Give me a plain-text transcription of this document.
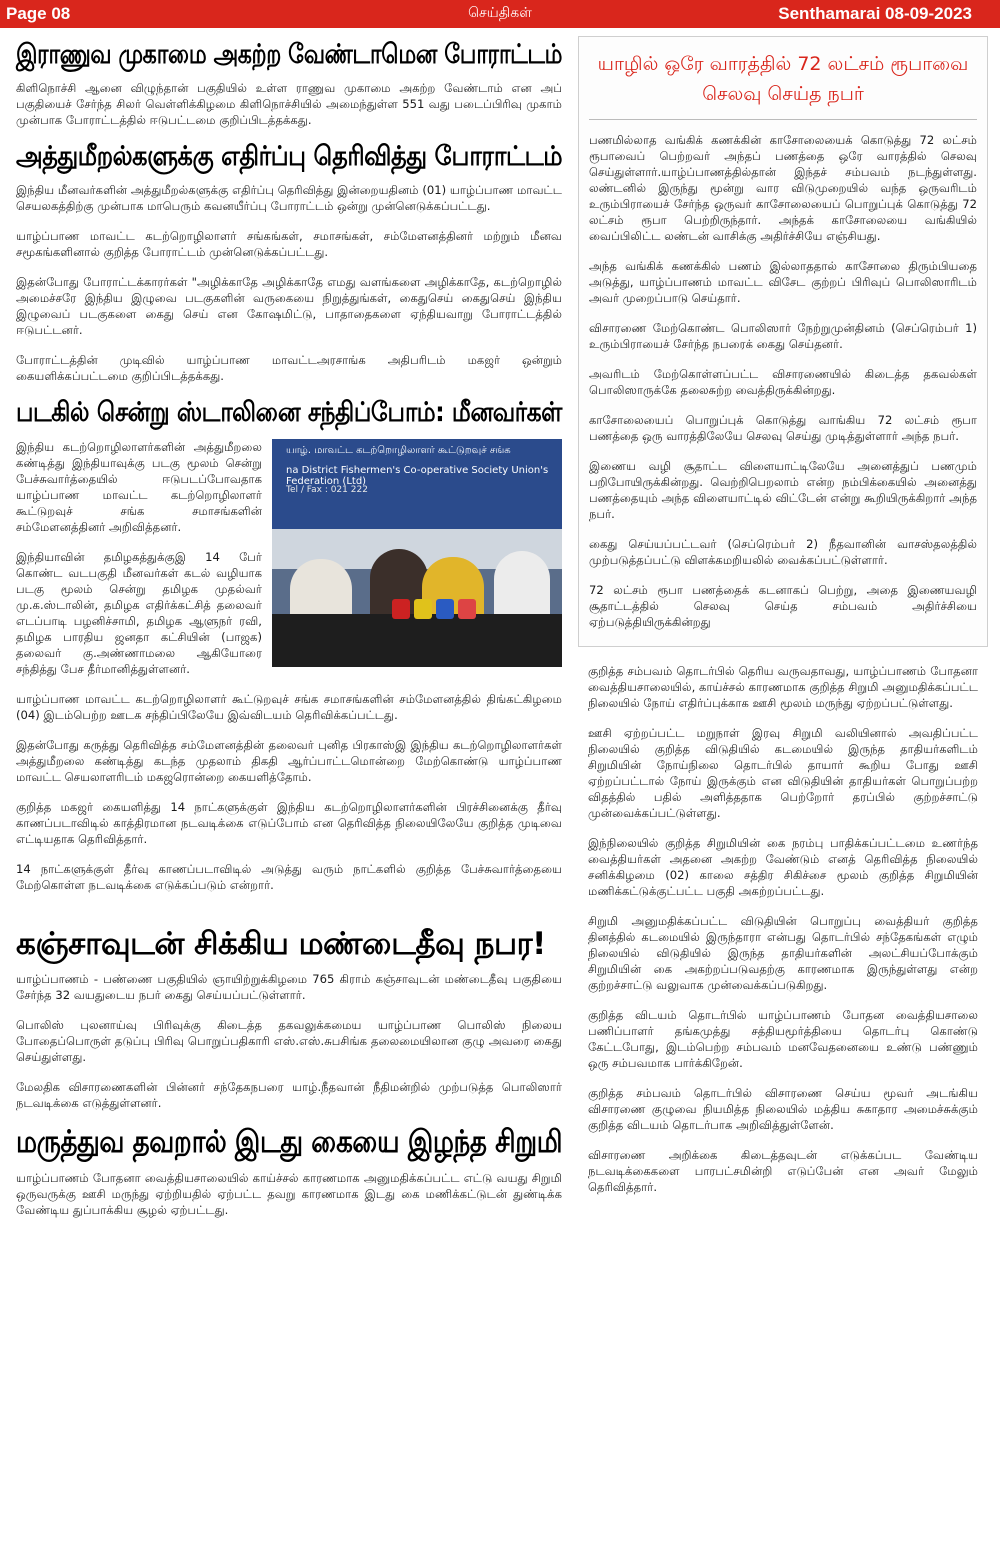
Page 08	செய்திகள்	Senthamarai 08-09-2023
இராணுவ முகாமை அகற்ற வேண்டாமென போராட்டம்

கிளிநொச்சி ஆனை விழுந்தான் பகுதியில் உள்ள ராணுவ முகாமை அகற்ற வேண்டாம் என அப் பகுதியைச் சேர்ந்த சிலர் வெள்ளிக்கிழமை கிளிநொச்சியில் அமைந்துள்ள 551 வது படைப்பிரிவு முகாம் முன்பாக போராட்டத்தில் ஈடுபட்டமை குறிப்பிடத்தக்கது.

அத்துமீறல்களுக்கு எதிர்ப்பு தெரிவித்து போராட்டம்

இந்திய மீனவர்களின் அத்துமீறல்களுக்கு எதிர்ப்பு தெரிவித்து இன்றையதினம் (01) யாழ்ப்பாண மாவட்ட செயலகத்திற்கு முன்பாக மாபெரும் கவனயீர்ப்பு போராட்டம் ஒன்று முன்னெடுக்கப்பட்டது.

யாழ்ப்பாண மாவட்ட கடற்றொழிலாளர் சங்கங்கள், சமாசங்கள், சம்மேளனத்தினர் மற்றும் மீனவ சமூகங்களினால் குறித்த போராட்டம் முன்னெடுக்கப்பட்டது.

இதன்போது போராட்டக்காரர்கள் "அழிக்காதே அழிக்காதே எமது வளங்களை அழிக்காதே, கடற்றொழில் அமைச்சரே இந்திய இழுவை படகுகளின் வருகையை நிறுத்துங்கள், கைதுசெய் கைதுசெய் இந்திய இழுவைப் படகுகளை கைது செய் என கோஷமிட்டு, பாதாதைகளை ஏந்தியவாறு போராட்டத்தில் ஈடுபட்டனர்.

போராட்டத்தின் முடிவில் யாழ்ப்பாண மாவட்டஅரசாங்க அதிபரிடம் மகஜர் ஒன்றும் கையளிக்கப்பட்டமை குறிப்பிடத்தக்கது.

படகில் சென்று ஸ்டாலினை சந்திப்போம்: மீனவர்கள்
யாழ். மாவட்ட கடற்றொழிலாளர் கூட்டுறவுச் சங்க
na District Fishermen's Co-operative Society Union's Federation (Ltd)
Tel / Fax : 021 222

இந்திய கடற்றொழிலாளர்களின் அத்துமீறலை கண்டித்து இந்தியாவுக்கு படகு மூலம் சென்று பேச்சுவார்த்தையில் ஈடுபடப்போவதாக யாழ்ப்பாண மாவட்ட கடற்றொழிலாளர் கூட்டுறவுச் சங்க சமாசங்களின் சம்மேளனத்தினர் அறிவித்தனர்.

இந்தியாவின் தமிழகத்துக்குஇ 14 பேர் கொண்ட வடபகுதி மீனவர்கள் கடல் வழியாக படகு மூலம் சென்று தமிழக முதல்வர் மு.க.ஸ்டாலின், தமிழக எதிர்க்கட்சித் தலைவர் எடப்பாடி பழனிச்சாமி, தமிழக ஆளுநர் ரவி, தமிழக பாரதிய ஜனதா கட்சியின் (பாஜக) தலைவர் கு.அண்ணாமலை ஆகியோரை சந்தித்து பேச தீர்மானித்துள்ளனர்.

யாழ்ப்பாண மாவட்ட கடற்றொழிலாளர் கூட்டுறவுச் சங்க சமாசங்களின் சம்மேளனத்தில் திங்கட்கிழமை (04) இடம்பெற்ற ஊடக சந்திப்பிலேயே இவ்விடயம் தெரிவிக்கப்பட்டது.

இதன்போது கருத்து தெரிவித்த சம்மேளனத்தின் தலைவர் புனித பிரகாஸ்இ இந்திய கடற்றொழிலாளர்கள் அத்துமீறலை கண்டித்து கடந்த முதலாம் திகதி ஆர்ப்பாட்டமொன்றை மேற்கொண்டு யாழ்ப்பாண மாவட்ட செயலாளரிடம் மகஜரொன்றை கையளித்தோம்.

குறித்த மகஜர் கையளித்து 14 நாட்களுக்குள் இந்திய கடற்றொழிலாளர்களின் பிரச்சினைக்கு தீர்வு காணப்படாவிடில் காத்திரமான நடவடிக்கை எடுப்போம் என தெரிவித்த நிலையிலேயே குறித்த முடிவை எட்டியதாக தெரிவித்தார்.

14 நாட்களுக்குள் தீர்வு காணப்படாவிடில் அடுத்து வரும் நாட்களில் குறித்த பேச்சுவார்த்தையை மேற்கொள்ள நடவடிக்கை எடுக்கப்படும் என்றார்.

கஞ்சாவுடன் சிக்கிய மண்டைதீவு நபர!

யாழ்ப்பாணம் - பண்ணை பகுதியில் ஞாயிற்றுக்கிழமை 765 கிராம் கஞ்சாவுடன் மண்டைதீவு பகுதியை சேர்ந்த 32 வயதுடைய நபர் கைது செய்யப்பட்டுள்ளார்.

பொலிஸ் புலனாய்வு பிரிவுக்கு கிடைத்த தகவலுக்கமைய யாழ்ப்பாண பொலிஸ் நிலைய போதைப்பொருள் தடுப்பு பிரிவு பொறுப்பதிகாரி எஸ்.எஸ்.சுபசிங்க தலைமையிலான குழு அவரை கைது செய்துள்ளது.

மேலதிக விசாரணைகளின் பின்னர் சந்தேகநபரை யாழ்.நீதவான் நீதிமன்றில் முற்படுத்த பொலிஸார் நடவடிக்கை எடுத்துள்ளனர்.

மருத்துவ தவறால் இடது கையை இழந்த சிறுமி

யாழ்ப்பாணம் போதனா வைத்தியசாலையில் காய்ச்சல் காரணமாக அனுமதிக்கப்பட்ட எட்டு வயது சிறுமி ஒருவருக்கு ஊசி மருந்து ஏற்றியதில் ஏற்பட்ட தவறு காரணமாக இடது கை மணிக்கட்டுடன் துண்டிக்க வேண்டிய துப்பாக்கிய சூழல் ஏற்பட்டது.

யாழில் ஒரே வாரத்தில் 72 லட்சம் ரூபாவை செலவு செய்த நபர்

பணமில்லாத வங்கிக் கணக்கின் காசோலையைக் கொடுத்து 72 லட்சம் ரூபாவைப் பெற்றவர் அந்தப் பணத்தை ஒரே வாரத்தில் செலவு செய்துள்ளார்.யாழ்ப்பாணத்தில்தான் இந்தச் சம்பவம் நடந்துள்ளது. லண்டனில் இருந்து மூன்று வார விடுமுறையில் வந்த ஒருவரிடம் உரும்பிராயைச் சேர்ந்த ஒருவர் காசோலையைப் பொறுப்புக் கொடுத்து 72 லட்சம் ரூபா பெற்றிருந்தார். அந்தக் காசோலையை வங்கியில் வைப்பிலிட்ட லண்டன் வாசிக்கு அதிர்ச்சியே எஞ்சியது.

அந்த வங்கிக் கணக்கில் பணம் இல்லாததால் காசோலை திரும்பியதை அடுத்து, யாழ்ப்பாணம் மாவட்ட விசேட குற்றப் பிரிவுப் பொலிஸாரிடம் அவர் முறைப்பாடு செய்தார்.

விசாரணை மேற்கொண்ட பொலிஸார் நேற்றுமுன்தினம் (செப்ரெம்பர் 1) உரும்பிராயைச் சேர்ந்த நபரைக் கைது செய்தனர்.

அவரிடம் மேற்கொள்ளப்பட்ட விசாரணையில் கிடைத்த தகவல்கள் பொலிஸாருக்கே தலைசுற்ற வைத்திருக்கின்றது.

காசோலையைப் பொறுப்புக் கொடுத்து வாங்கிய 72 லட்சம் ரூபா பணத்தை ஒரு வாரத்திலேயே செலவு செய்து முடித்துள்ளார் அந்த நபர்.

இணைய வழி சூதாட்ட விளையாட்டிலேயே அனைத்துப் பணமும் பறிபோயிருக்கின்றது. வெற்றிபெறலாம் என்ற நம்பிக்கையில் அனைத்து பணத்தையும் அந்த விளையாட்டில் விட்டேன் என்று கூறியிருக்கிறார் அந்த நபர்.

கைது செய்யப்பட்டவர் (செப்ரெம்பர் 2) நீதவானின் வாசஸ்தலத்தில் முற்படுத்தப்பட்டு விளக்கமறியலில் வைக்கப்பட்டுள்ளார்.

72 லட்சம் ரூபா பணத்தைக் கடனாகப் பெற்று, அதை இணையவழி சூதாட்டத்தில் செலவு செய்த சம்பவம் அதிர்ச்சியை ஏற்படுத்தியிருக்கின்றது

குறித்த சம்பவம் தொடர்பில் தெரிய வருவதாவது, யாழ்ப்பாணம் போதனா வைத்தியசாலையில், காய்ச்சல் காரணமாக குறித்த சிறுமி அனுமதிக்கப்பட்ட நிலையில் நோய் எதிர்ப்புக்காக ஊசி மூலம் மருந்து ஏற்றப்பட்டுள்ளது.

ஊசி ஏற்றப்பட்ட மறுநாள் இரவு சிறுமி வலியினால் அவதிப்பட்ட நிலையில் குறித்த விடுதியில் கடமையில் இருந்த தாதியர்களிடம் சிறுமியின் நோய்நிலை தொடர்பில் தாயார் கூறிய போது ஊசி ஏற்றப்பட்டால் நோய் இருக்கும் என விடுதியின் தாதியர்கள் பொறுப்பற்ற விதத்தில் பதில் அளித்ததாக பெற்றோர் தரப்பில் குற்றச்சாட்டு முன்வைக்கப்பட்டுள்ளது.

இந்நிலையில் குறித்த சிறுமியின் கை நரம்பு பாதிக்கப்பட்டமை உணர்ந்த வைத்தியர்கள் அதனை அகற்ற வேண்டும் எனத் தெரிவித்த நிலையில் சனிக்கிழமை (02) காலை சத்திர சிகிச்சை மூலம் குறித்த சிறுமியின் மணிக்கட்டுக்குட்பட்ட பகுதி அகற்றப்பட்டது.

சிறுமி அனுமதிக்கப்பட்ட விடுதியின் பொறுப்பு வைத்தியர் குறித்த தினத்தில் கடமையில் இருந்தாரா என்பது தொடர்பில் சந்தேகங்கள் எழும் நிலையில் விடுதியில் இருந்த தாதியர்களின் அலட்சியப்போக்கும் சிறுமியின் கை அகற்றப்படுவதற்கு காரணமாக இருந்துள்ளது என்ற குற்றச்சாட்டு வலுவாக முன்வைக்கப்படுகிறது.

குறித்த விடயம் தொடர்பில் யாழ்ப்பாணம் போதன வைத்தியசாலை பணிப்பாளர் தங்கமுத்து சத்தியமூர்த்தியை தொடர்பு கொண்டு கேட்டபோது, இடம்பெற்ற சம்பவம் மனவேதனையை உண்டு பண்ணும் ஒரு சம்பவமாக பார்க்கிறேன்.

குறித்த சம்பவம் தொடர்பில் விசாரணை செய்ய மூவர் அடங்கிய விசாரணை குழுவை நியமித்த நிலையில் மத்திய சுகாதார அமைச்சுக்கும் குறித்த விடயம் தொடர்பாக அறிவித்துள்ளேன்.

விசாரணை அறிக்கை கிடைத்தவுடன் எடுக்கப்பட வேண்டிய நடவடிக்கைகளை பாரபட்சமின்றி எடுப்பேன் என அவர் மேலும் தெரிவித்தார்.
